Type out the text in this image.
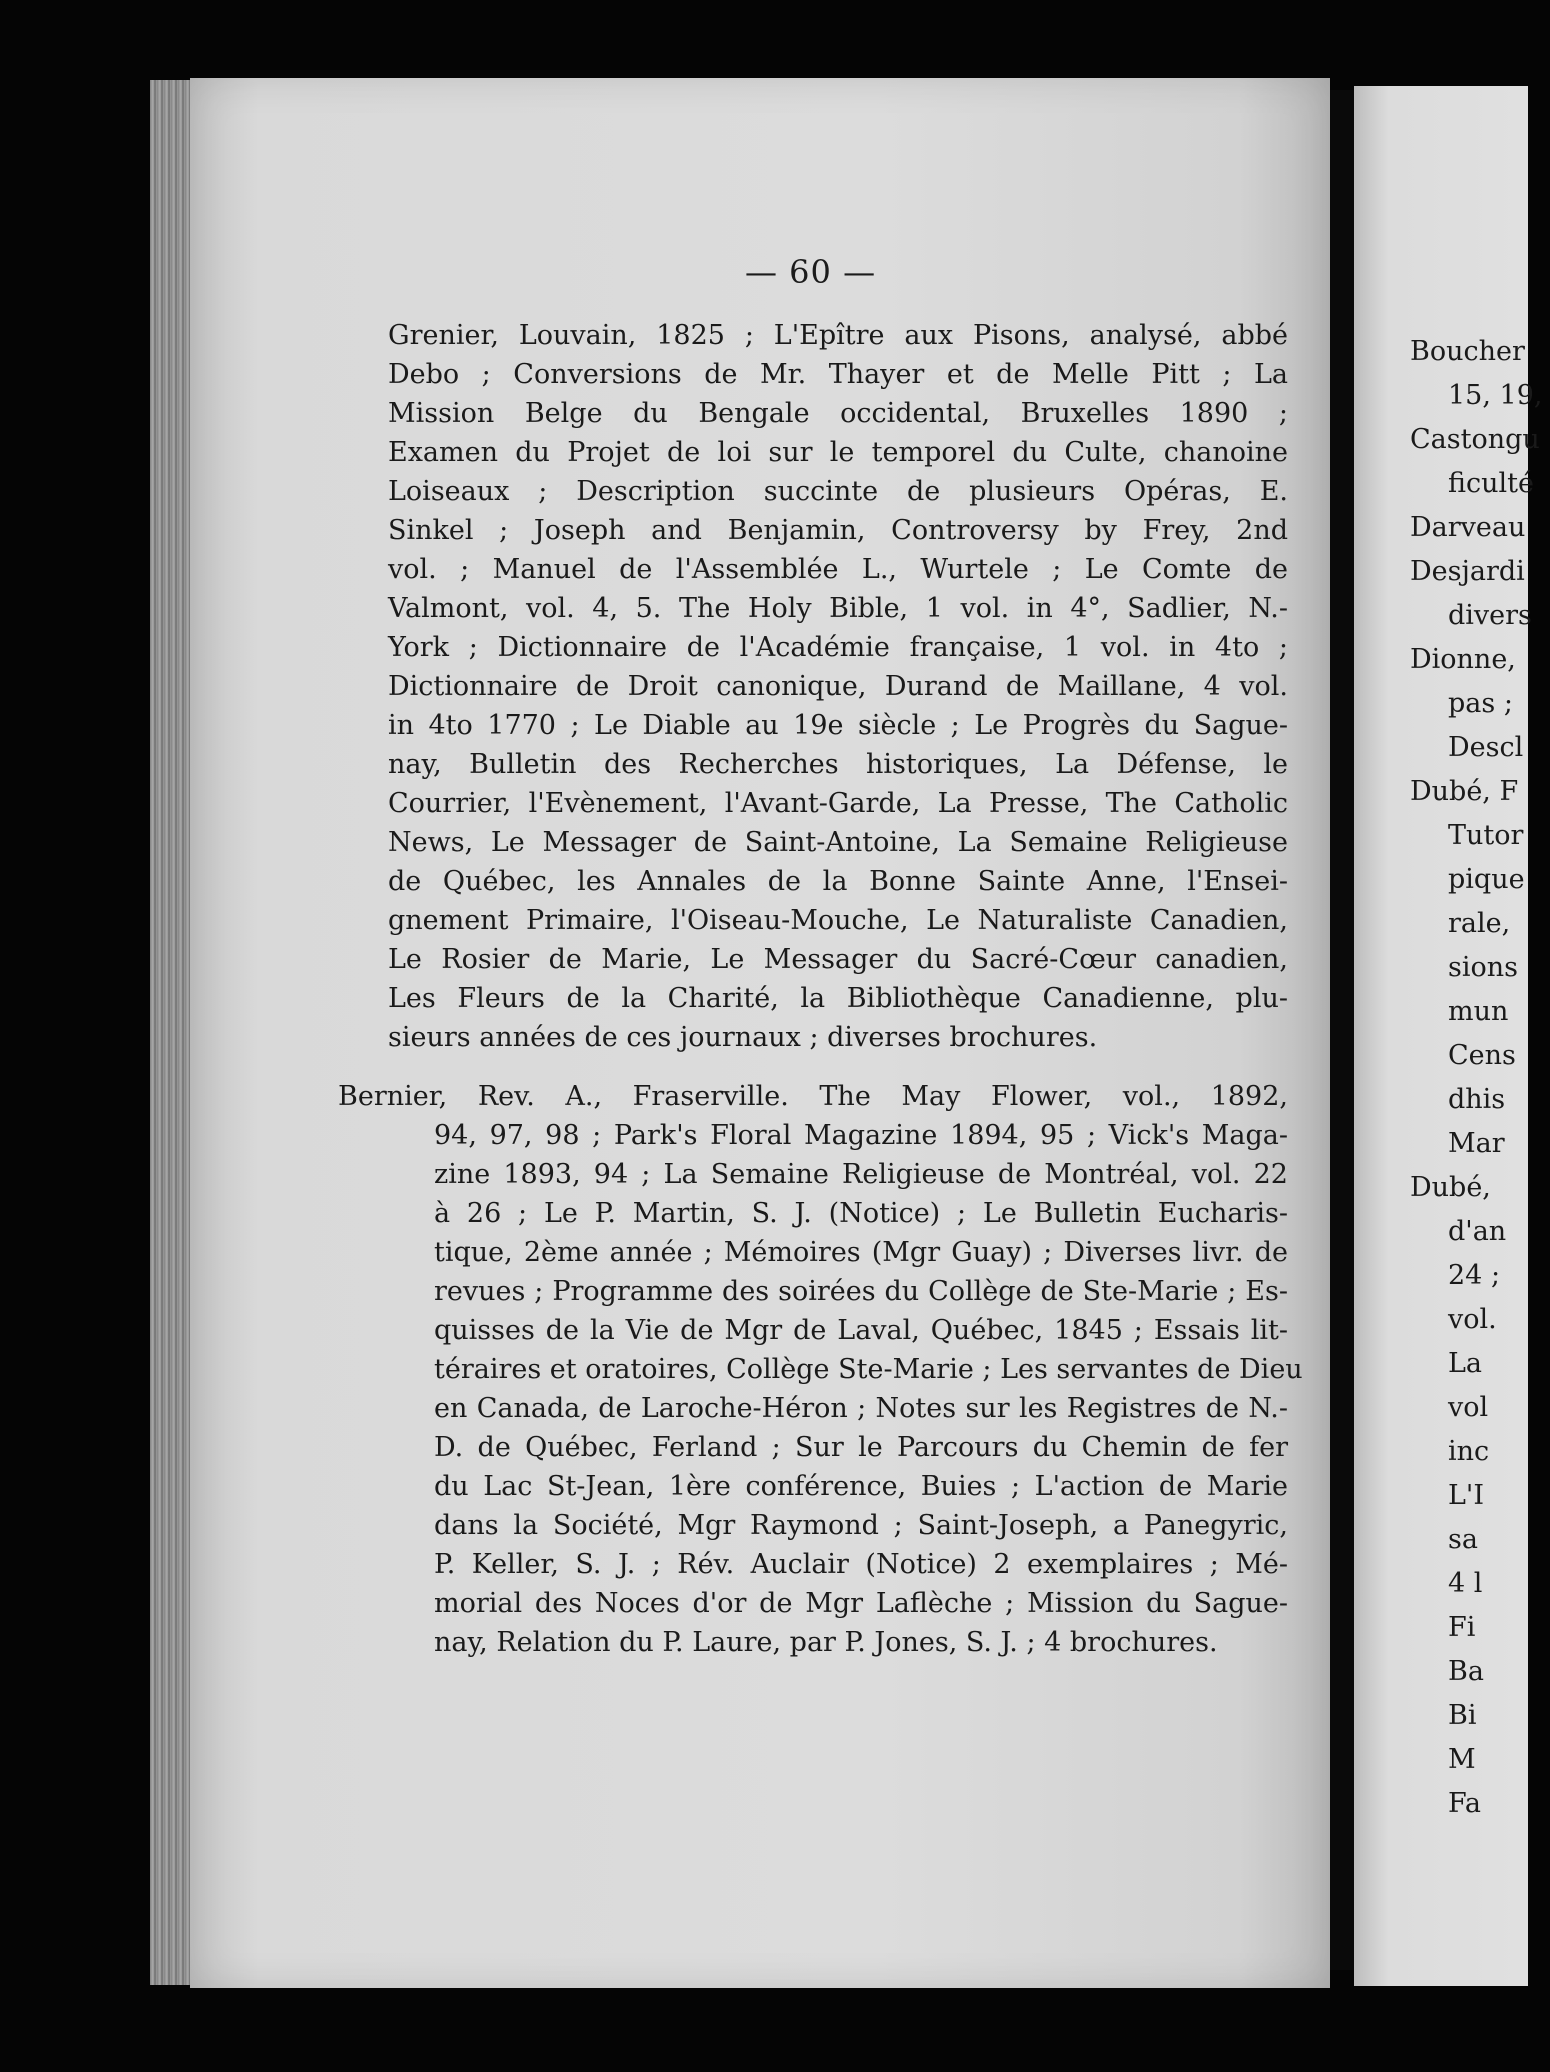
— 60 —
Grenier, Louvain, 1825 ; L'Epître aux Pisons, analysé, abbé
Debo ; Conversions de Mr. Thayer et de Melle Pitt ; La
Mission Belge du Bengale occidental, Bruxelles 1890 ;
Examen du Projet de loi sur le temporel du Culte, chanoine
Loiseaux ; Description succinte de plusieurs Opéras, E.
Sinkel ; Joseph and Benjamin, Controversy by Frey, 2nd
vol. ; Manuel de l'Assemblée L., Wurtele ; Le Comte de
Valmont, vol. 4, 5. The Holy Bible, 1 vol. in 4°, Sadlier, N.-
York ; Dictionnaire de l'Académie française, 1 vol. in 4to ;
Dictionnaire de Droit canonique, Durand de Maillane, 4 vol.
in 4to 1770 ; Le Diable au 19e siècle ; Le Progrès du Sague-
nay, Bulletin des Recherches historiques, La Défense, le
Courrier, l'Evènement, l'Avant-Garde, La Presse, The Catholic
News, Le Messager de Saint-Antoine, La Semaine Religieuse
de Québec, les Annales de la Bonne Sainte Anne, l'Ensei-
gnement Primaire, l'Oiseau-Mouche, Le Naturaliste Canadien,
Le Rosier de Marie, Le Messager du Sacré-Cœur canadien,
Les Fleurs de la Charité, la Bibliothèque Canadienne, plu-
sieurs années de ces journaux ; diverses brochures.
Bernier, Rev. A., Fraserville. The May Flower, vol., 1892,
94, 97, 98 ; Park's Floral Magazine 1894, 95 ; Vick's Maga-
zine 1893, 94 ; La Semaine Religieuse de Montréal, vol. 22
à 26 ; Le P. Martin, S. J. (Notice) ; Le Bulletin Eucharis-
tique, 2ème année ; Mémoires (Mgr Guay) ; Diverses livr. de
revues ; Programme des soirées du Collège de Ste-Marie ; Es-
quisses de la Vie de Mgr de Laval, Québec, 1845 ; Essais lit-
téraires et oratoires, Collège Ste-Marie ; Les servantes de Dieu
en Canada, de Laroche-Héron ; Notes sur les Registres de N.-
D. de Québec, Ferland ; Sur le Parcours du Chemin de fer
du Lac St-Jean, 1ère conférence, Buies ; L'action de Marie
dans la Société, Mgr Raymond ; Saint-Joseph, a Panegyric,
P. Keller, S. J. ; Rév. Auclair (Notice) 2 exemplaires ; Mé-
morial des Noces d'or de Mgr Laflèche ; Mission du Sague-
nay, Relation du P. Laure, par P. Jones, S. J. ; 4 brochures.
Boucher
15, 19,
Castongu
ficulté
Darveau
Desjardi
divers
Dionne,
pas ;
Descl
Dubé, F
Tutor
pique
rale,
sions
mun
Cens
dhis
Mar
Dubé,
d'an
24 ;
vol.
La
vol
inc
L'I
sa
4 l
Fi
Ba
Bi
M
Fa
